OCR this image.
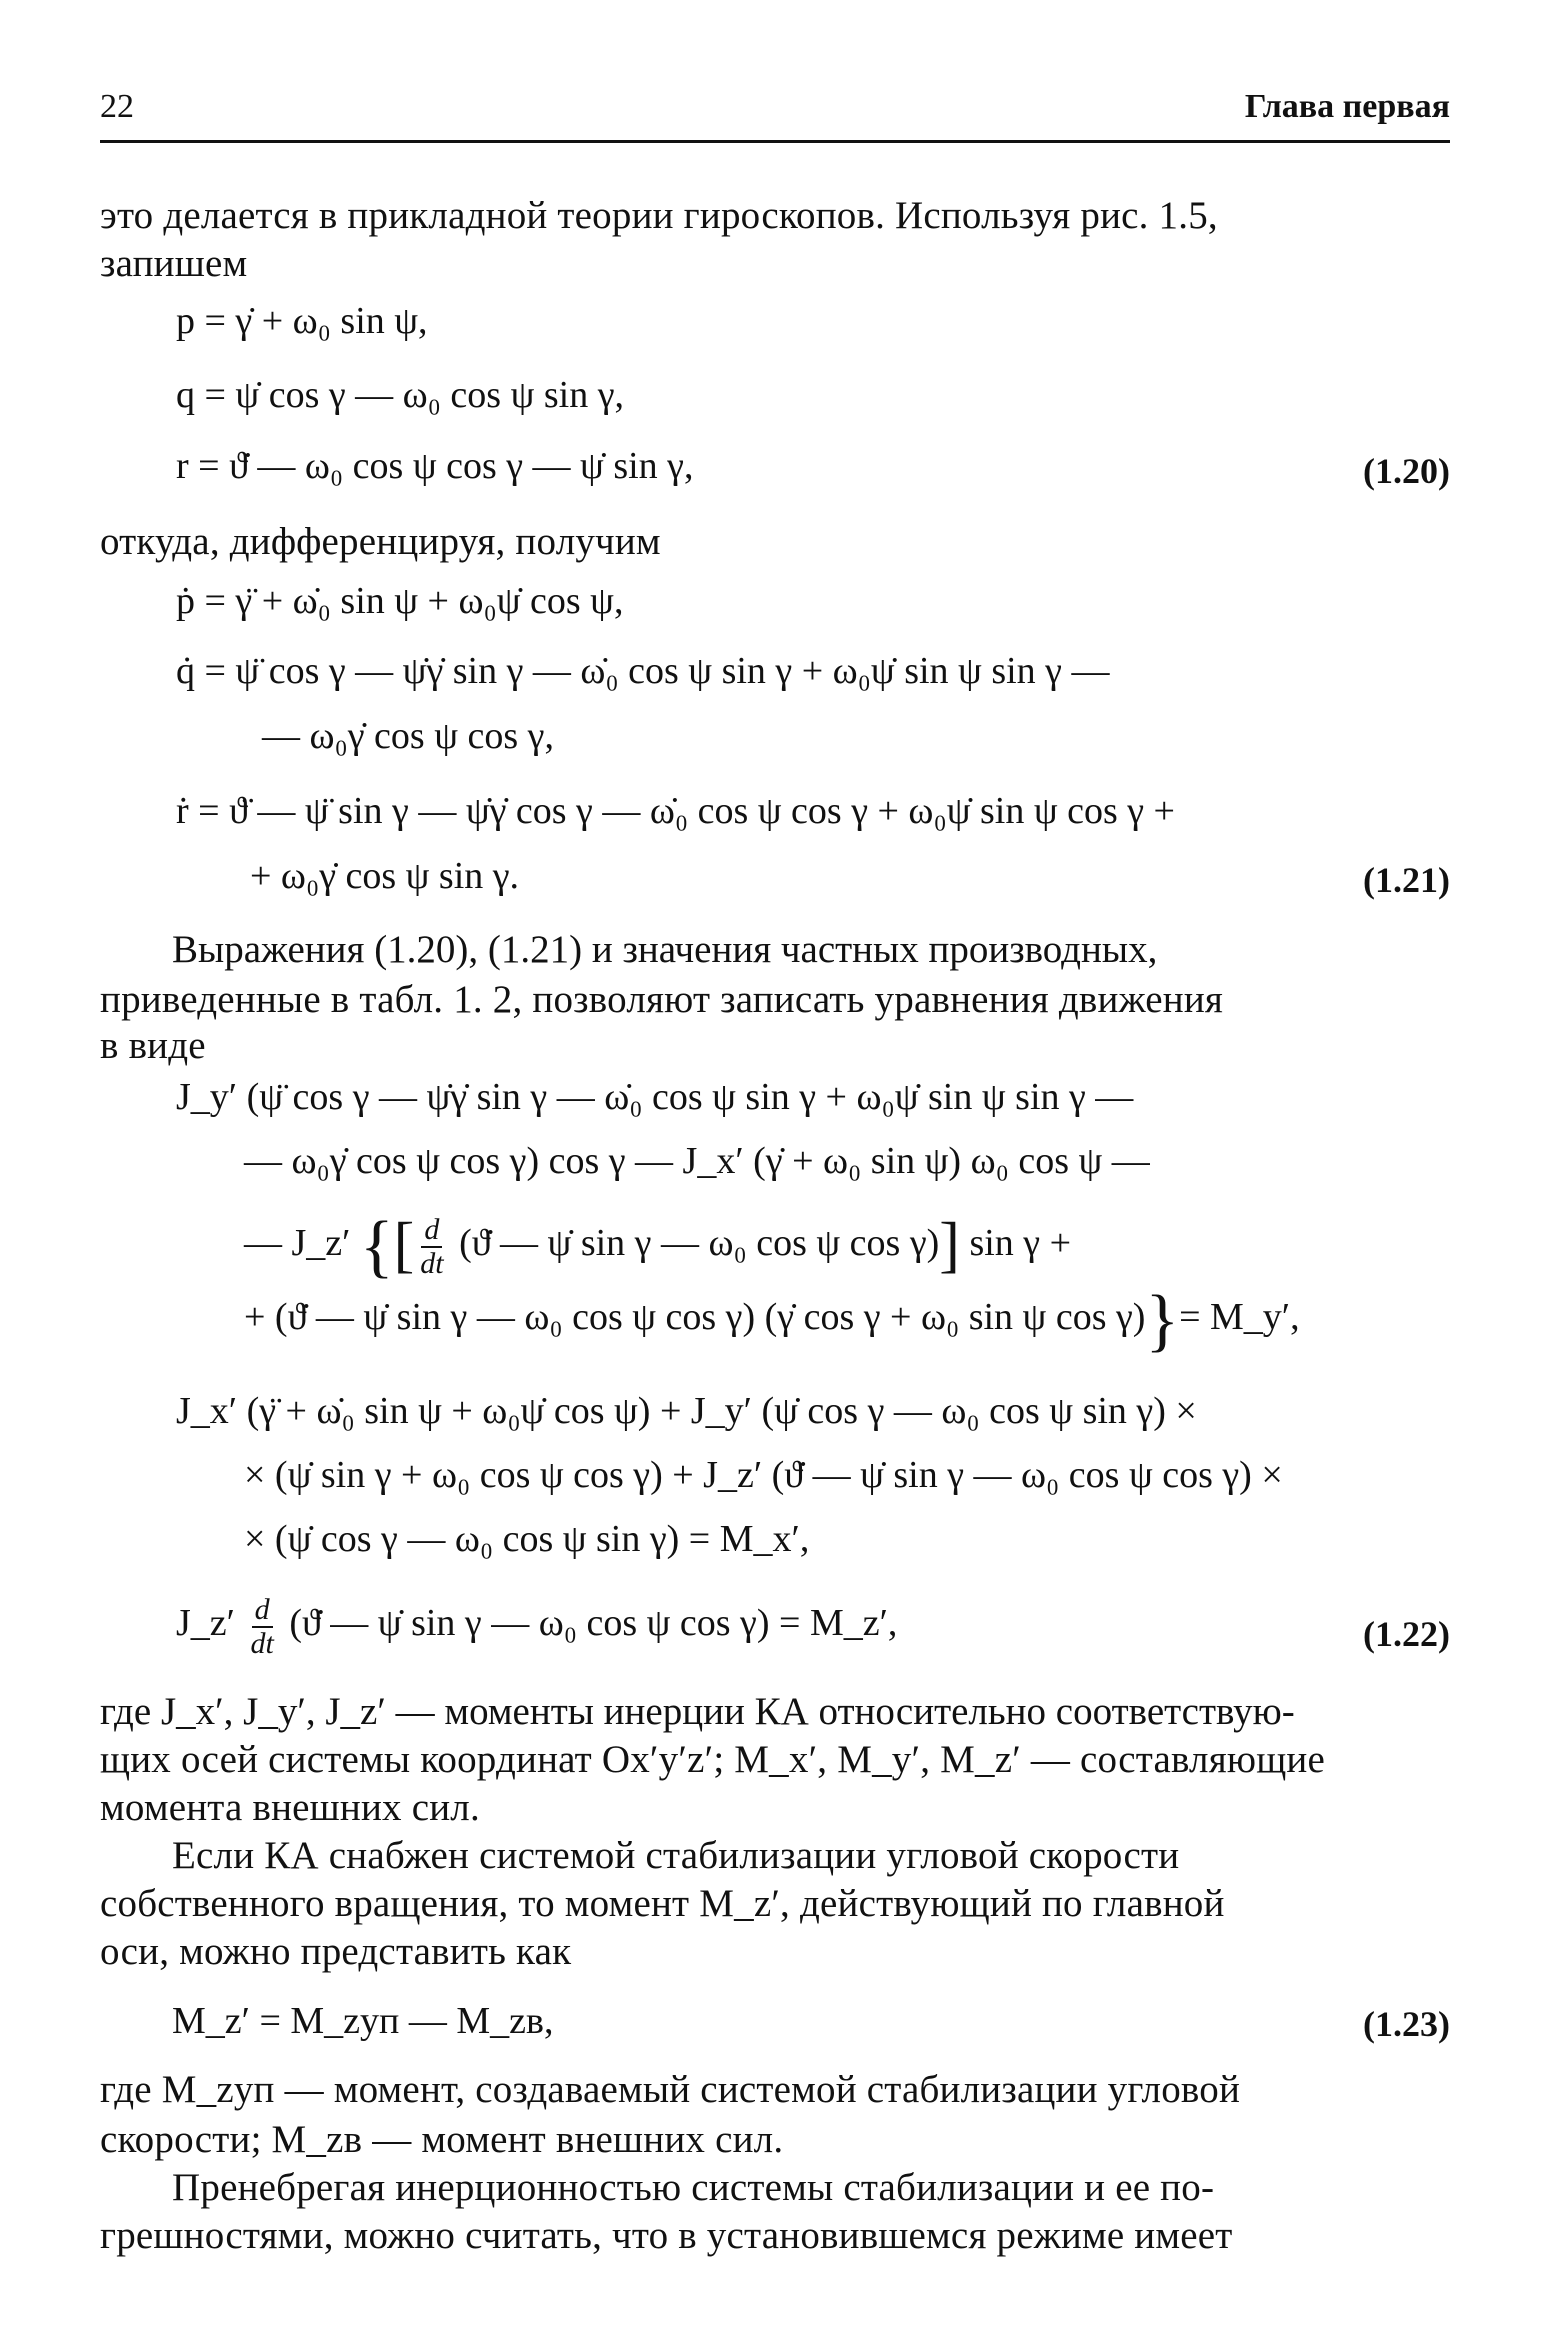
22	Глава первая
это делается в прикладной теории гироскопов. Используя рис. 1.5,
запишем
p = γ̇ + ω₀ sin ψ,
q = ψ̇ cos γ — ω₀ cos ψ sin γ,
r = ϑ̇ — ω₀ cos ψ cos γ — ψ̇ sin γ,	(1.20)
откуда, дифференцируя, получим
ṗ = γ̈ + ω̇₀ sin ψ + ω₀ψ̇ cos ψ,
q̇ = ψ̈ cos γ — ψ̇γ̇ sin γ — ω̇₀ cos ψ sin γ + ω₀ψ̇ sin ψ sin γ —
— ω₀γ̇ cos ψ cos γ,
ṙ = ϑ̈ — ψ̈ sin γ — ψ̇γ̇ cos γ — ω̇₀ cos ψ cos γ + ω₀ψ̇ sin ψ cos γ +
+ ω₀γ̇ cos ψ sin γ.	(1.21)
Выражения (1.20), (1.21) и значения частных производных,
приведенные в табл. 1. 2, позволяют записать уравнения движения
в виде
J_y′ (ψ̈ cos γ — ψ̇γ̇ sin γ — ω̇₀ cos ψ sin γ + ω₀ψ̇ sin ψ sin γ —
— ω₀γ̇ cos ψ cos γ) cos γ — J_x′ (γ̇ + ω₀ sin ψ) ω₀ cos ψ —
— J_z′ {[ $\frac{d}{dt}$ (ϑ̇ — ψ̇ sin γ — ω₀ cos ψ cos γ)] sin γ +
+ (ϑ̇ — ψ̇ sin γ — ω₀ cos ψ cos γ) (γ̇ cos γ + ω₀ sin ψ cos γ)}= M_y′,
J_x′ (γ̈ + ω̇₀ sin ψ + ω₀ψ̇ cos ψ) + J_y′ (ψ̇ cos γ — ω₀ cos ψ sin γ) ×
× (ψ̇ sin γ + ω₀ cos ψ cos γ) + J_z′ (ϑ̇ — ψ̇ sin γ — ω₀ cos ψ cos γ) ×
× (ψ̇ cos γ — ω₀ cos ψ sin γ) = M_x′,
J_z′ $\frac{d}{dt}$ (ϑ̇ — ψ̇ sin γ — ω₀ cos ψ cos γ) = M_z′,	(1.22)
где J_x′, J_y′, J_z′ — моменты инерции КА относительно соответствую-
щих осей системы координат Ox′y′z′; M_x′, M_y′, M_z′ — составляющие
момента внешних сил.
Если КА снабжен системой стабилизации угловой скорости
собственного вращения, то момент M_z′, действующий по главной
оси, можно представить как
M_z′ = M_zуп — M_zв,	(1.23)
где M_zуп — момент, создаваемый системой стабилизации угловой
скорости; M_zв — момент внешних сил.
Пренебрегая инерционностью системы стабилизации и ее по-
грешностями, можно считать, что в установившемся режиме имеет
